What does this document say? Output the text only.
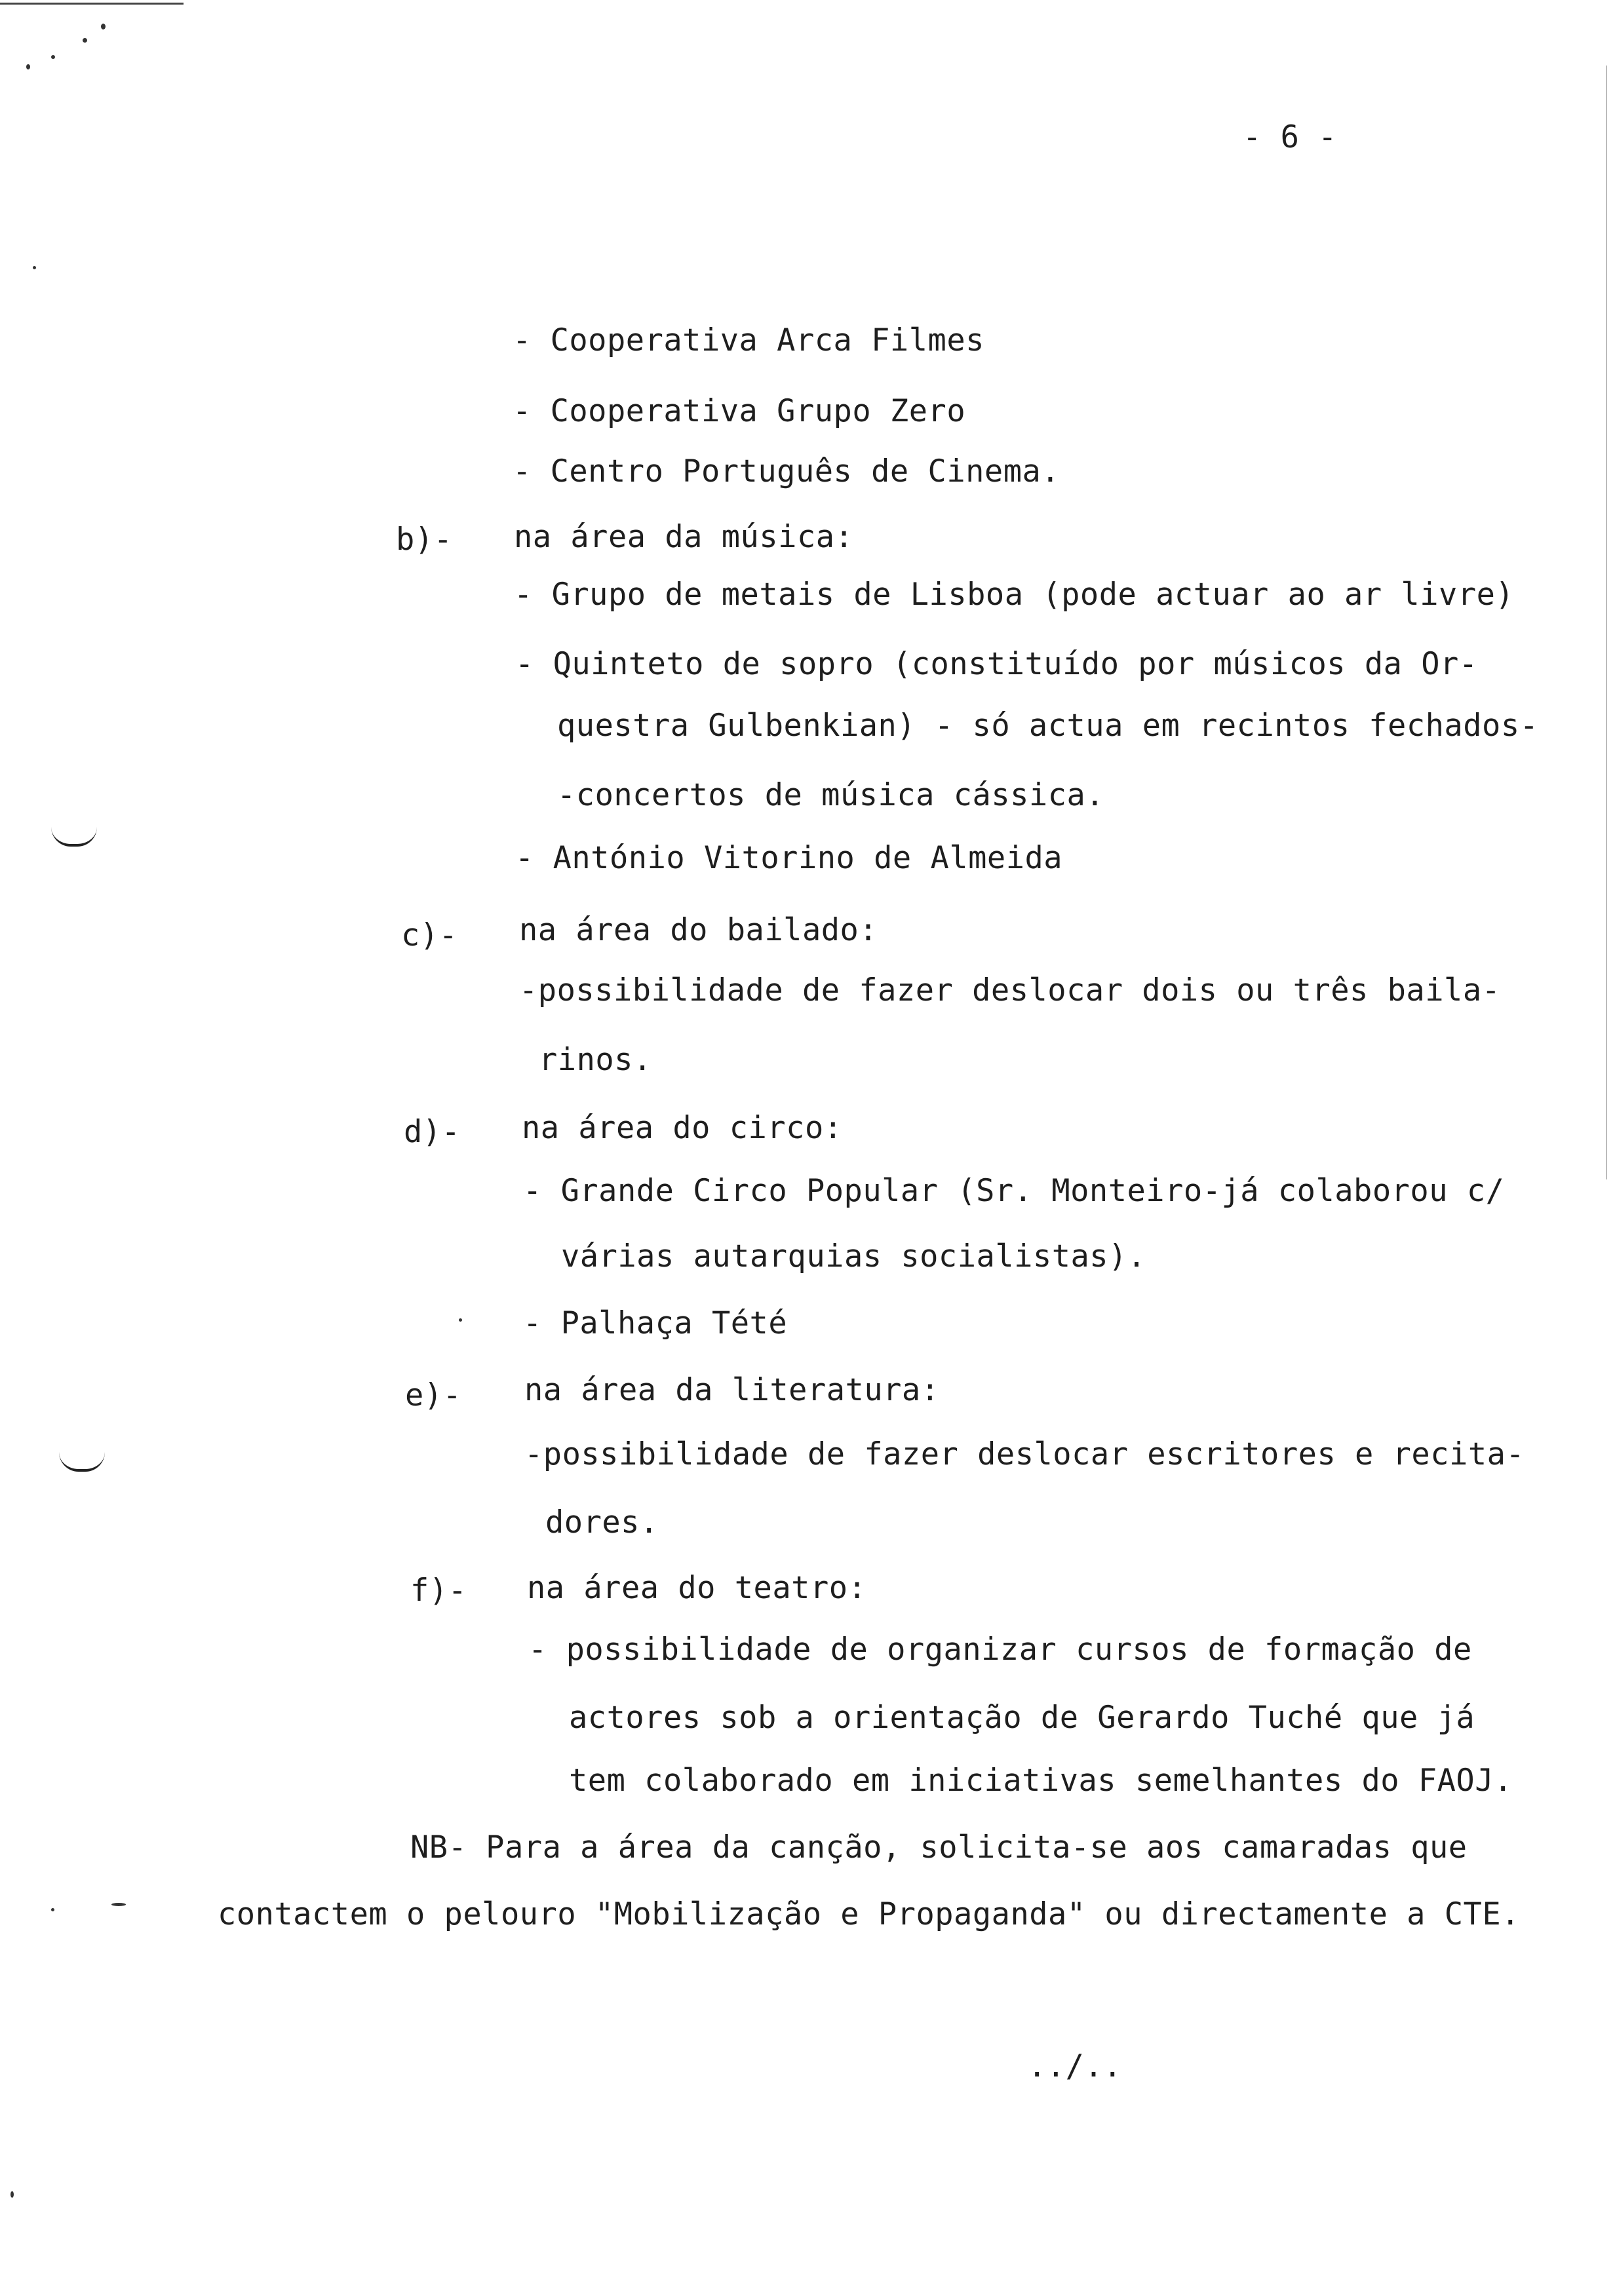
- 6 -
- Cooperativa Arca Filmes
- Cooperativa Grupo Zero
- Centro Português de Cinema.
b)- na área da música:
- Grupo de metais de Lisboa (pode actuar ao ar livre)
- Quinteto de sopro (constituído por músicos da Or-
questra Gulbenkian) - só actua em recintos fechados-
-concertos de música cássica.
- António Vitorino de Almeida
c)- na área do bailado:
-possibilidade de fazer deslocar dois ou três baila-
rinos.
d)- na área do circo:
- Grande Circo Popular (Sr. Monteiro-já colaborou c/
várias autarquias socialistas).
- Palhaça Tété
e)- na área da literatura:
-possibilidade de fazer deslocar escritores e recita-
dores.
f)- na área do teatro:
- possibilidade de organizar cursos de formação de
actores sob a orientação de Gerardo Tuché que já
tem colaborado em iniciativas semelhantes do FAOJ.
NB- Para a área da canção, solicita-se aos camaradas que
contactem o pelouro "Mobilização e Propaganda" ou directamente a CTE.
../..
